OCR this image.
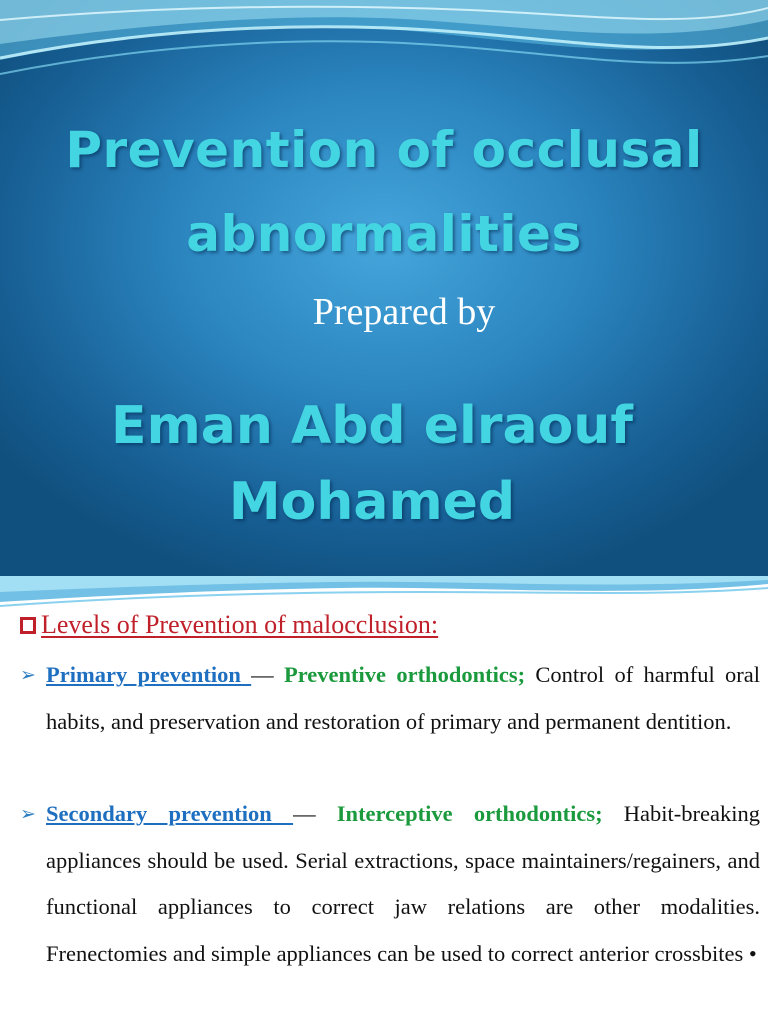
Prevention of occlusal
abnormalities

Prepared by

Eman Abd elraouf
Mohamed

Levels of Prevention of malocclusion:

➢ Primary prevention — Preventive orthodontics; Control of harmful oral habits, and preservation and restoration of primary and permanent dentition.

➢ Secondary prevention — Interceptive orthodontics; Habit-breaking appliances should be used. Serial extractions, space maintainers/regainers, and functional appliances to correct jaw relations are other modalities. Frenectomies and simple appliances can be used to correct anterior crossbites •
